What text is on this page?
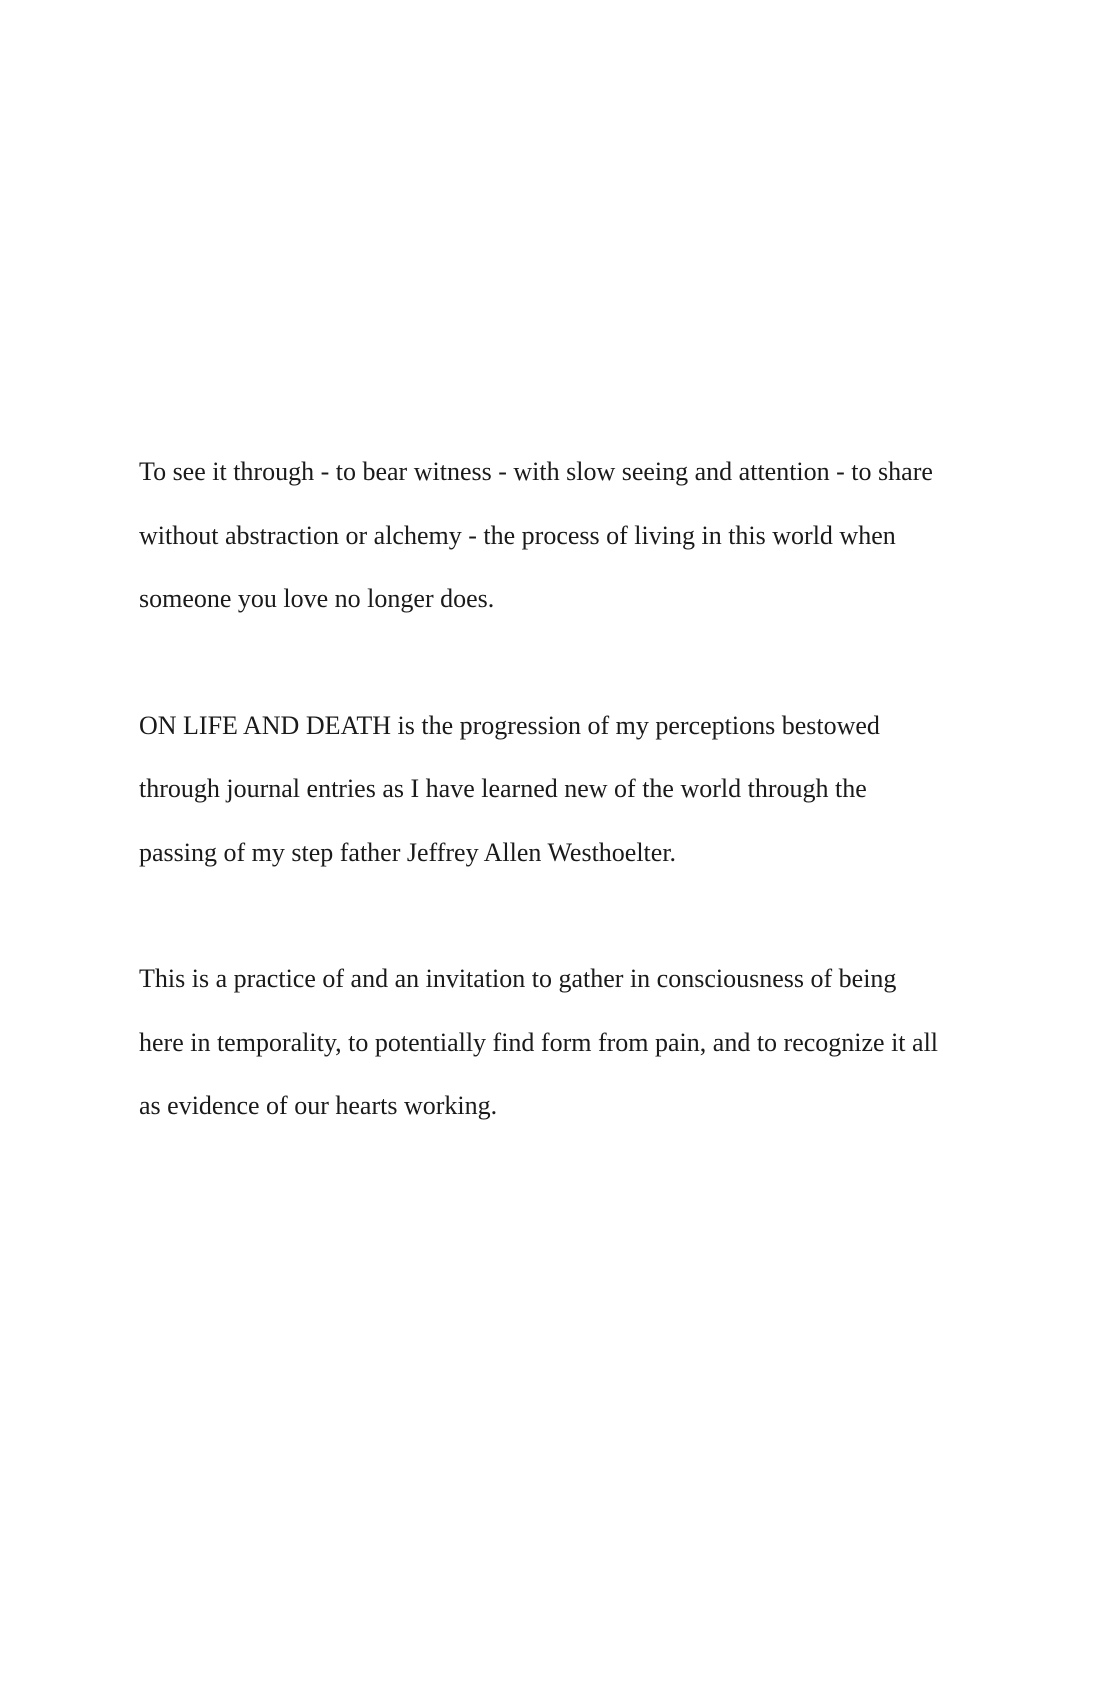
To see it through - to bear witness - with slow seeing and attention - to share
without abstraction or alchemy - the process of living in this world when
someone you love no longer does.

ON LIFE AND DEATH is the progression of my perceptions bestowed
through journal entries as I have learned new of the world through the
passing of my step father Jeffrey Allen Westhoelter.

This is a practice of and an invitation to gather in consciousness of being
here in temporality, to potentially find form from pain, and to recognize it all
as evidence of our hearts working.
